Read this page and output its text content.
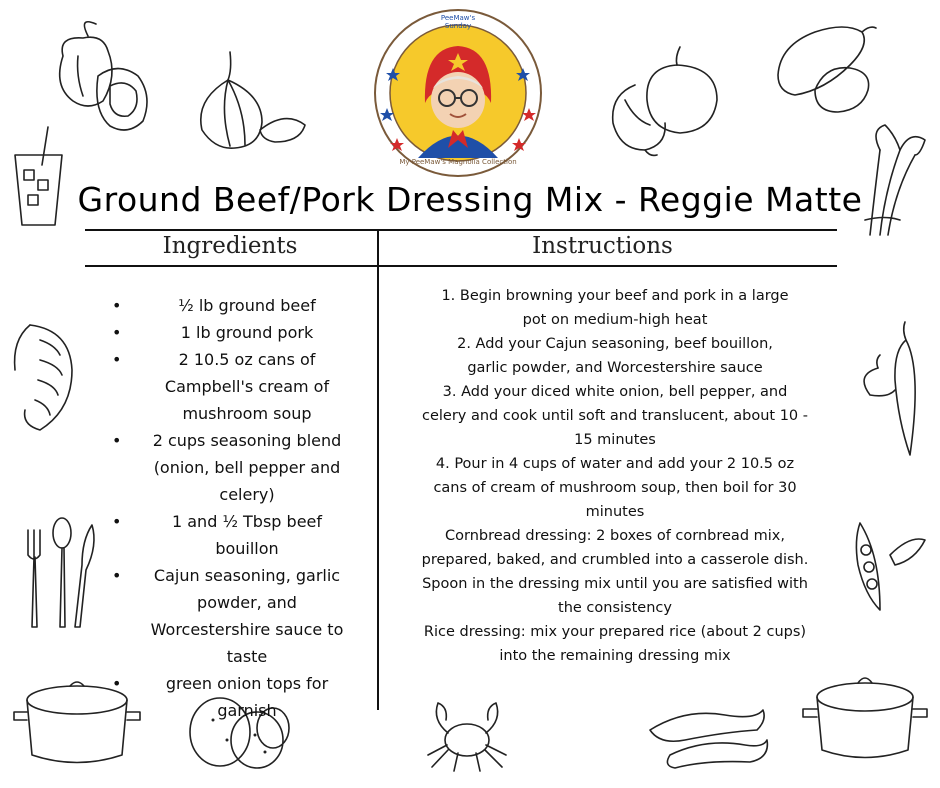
PeeMaw's Sunday
My PeeMaw's Magnolia Collection
Ground Beef/Pork Dressing Mix - Reggie Matte
Ingredients	Instructions
• ½ lb ground beef
• 1 lb ground pork
• 2 10.5 oz cans of Campbell's cream of mushroom soup
• 2 cups seasoning blend (onion, bell pepper and celery)
• 1 and ½ Tbsp beef bouillon
• Cajun seasoning, garlic powder, and Worcestershire sauce to taste
• green onion tops for garnish

1. Begin browning your beef and pork in a large pot on medium-high heat

2. Add your Cajun seasoning, beef bouillon, garlic powder, and Worcestershire sauce

3. Add your diced white onion, bell pepper, and celery and cook until soft and translucent, about 10 - 15 minutes

4. Pour in 4 cups of water and add your 2 10.5 oz cans of cream of mushroom soup, then boil for 30 minutes

Cornbread dressing: 2 boxes of cornbread mix, prepared, baked, and crumbled into a casserole dish. Spoon in the dressing mix until you are satisfied with the consistency

Rice dressing: mix your prepared rice (about 2 cups) into the remaining dressing mix
